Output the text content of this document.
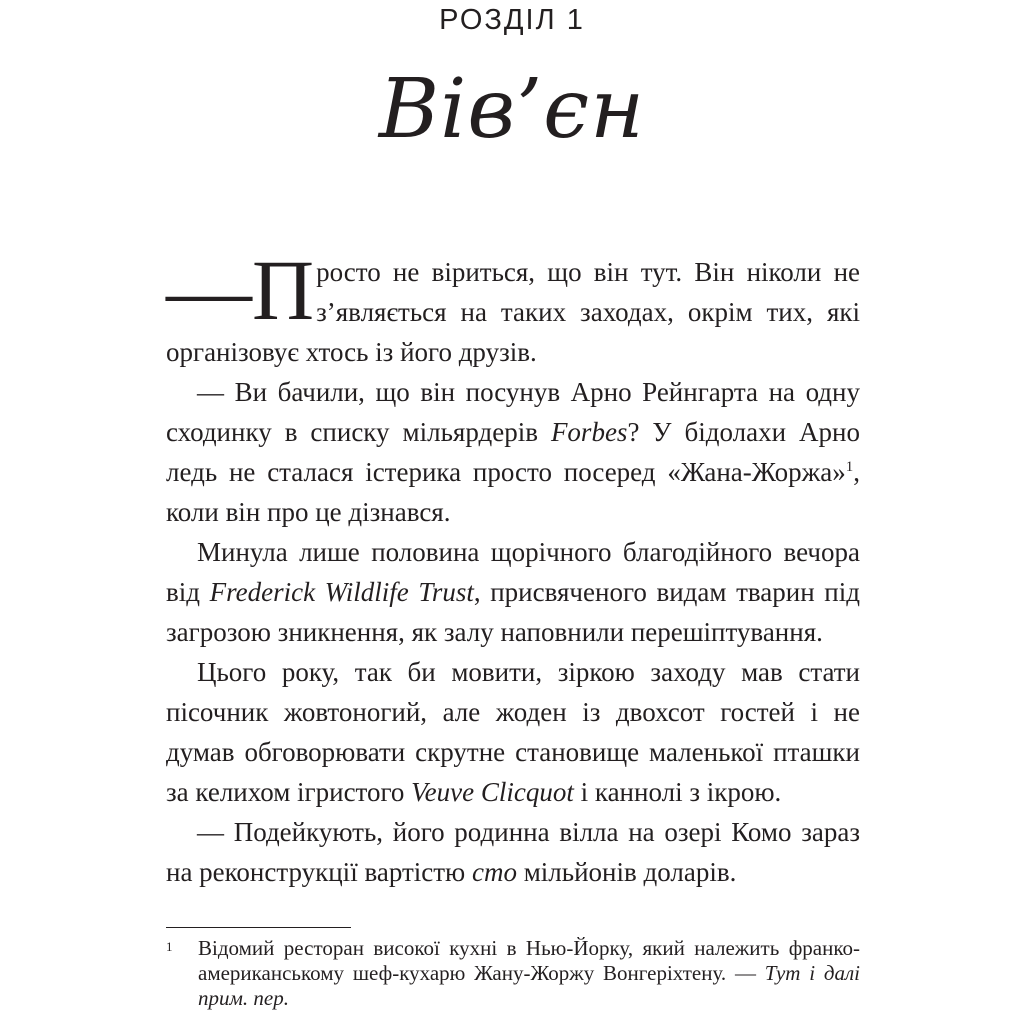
РОЗДІЛ 1
Вів’єн

—П росто не віриться, що він тут. Він ніколи не з’являється на таких заходах, окрім тих, які організовує хтось із його друзів.

— Ви бачили, що він посунув Арно Рейнгарта на одну сходинку в списку мільярдерів Forbes? У бідолахи Арно ледь не сталася істерика просто посеред «Жана-Жоржа»$^1$, коли він про це дізнався.

Минула лише половина щорічного благодійного вечора від Frederick Wildlife Trust, присвяченого видам тварин під загрозою зникнення, як залу наповнили перешіптування.

Цього року, так би мовити, зіркою заходу мав стати пісочник жовтоногий, але жоден із двохсот гостей і не думав обговорювати скрутне становище маленької пташки за келихом ігристого Veuve Clicquot і каннолі з ікрою.

— Подейкують, його родинна вілла на озері Комо зараз на реконструкції вартістю сто мільйонів доларів.

1 Відомий ресторан високої кухні в Нью-Йорку, який належить франко-американському шеф-кухарю Жану-Жоржу Вонгеріхтену. — Тут і далі прим. пер.
